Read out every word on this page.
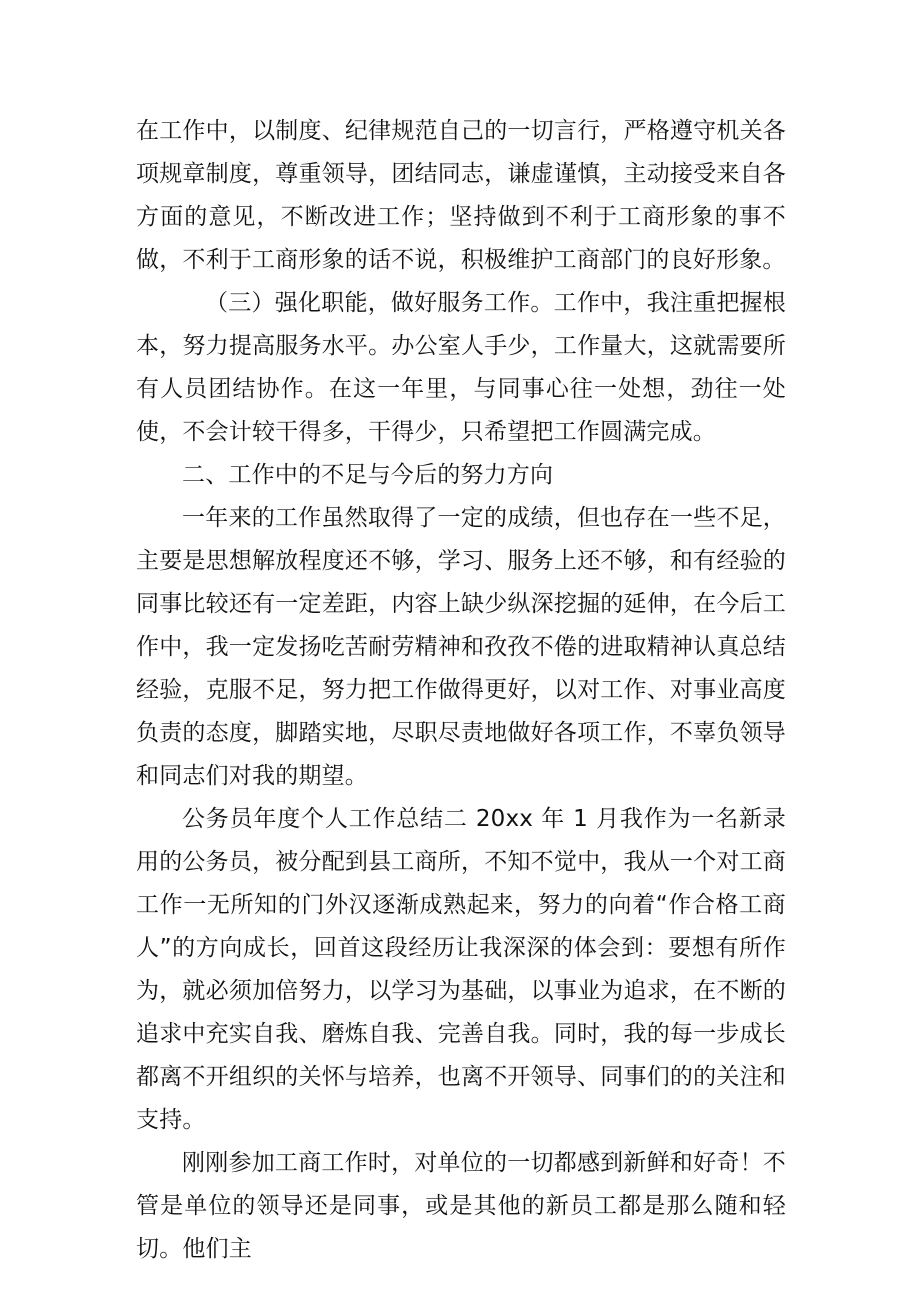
在工作中，以制度、纪律规范自己的一切言行，严格遵守机关各项规章制度，尊重领导，团结同志，谦虚谨慎，主动接受来自各方面的意见，不断改进工作；坚持做到不利于工商形象的事不做，不利于工商形象的话不说，积极维护工商部门的良好形象。

（三）强化职能，做好服务工作。工作中，我注重把握根本，努力提高服务水平。办公室人手少，工作量大，这就需要所有人员团结协作。在这一年里，与同事心往一处想，劲往一处使，不会计较干得多，干得少，只希望把工作圆满完成。

二、工作中的不足与今后的努力方向

一年来的工作虽然取得了一定的成绩，但也存在一些不足，主要是思想解放程度还不够，学习、服务上还不够，和有经验的同事比较还有一定差距，内容上缺少纵深挖掘的延伸，在今后工作中，我一定发扬吃苦耐劳精神和孜孜不倦的进取精神认真总结经验，克服不足，努力把工作做得更好，以对工作、对事业高度负责的态度，脚踏实地，尽职尽责地做好各项工作，不辜负领导和同志们对我的期望。

公务员年度个人工作总结二 20xx 年 1 月我作为一名新录用的公务员，被分配到县工商所，不知不觉中，我从一个对工商工作一无所知的门外汉逐渐成熟起来，努力的向着“作合格工商人”的方向成长，回首这段经历让我深深的体会到：要想有所作为，就必须加倍努力，以学习为基础，以事业为追求，在不断的追求中充实自我、磨炼自我、完善自我。同时，我的每一步成长都离不开组织的关怀与培养，也离不开领导、同事们的的关注和支持。

刚刚参加工商工作时，对单位的一切都感到新鲜和好奇！不管是单位的领导还是同事，或是其他的新员工都是那么随和轻切。他们主
